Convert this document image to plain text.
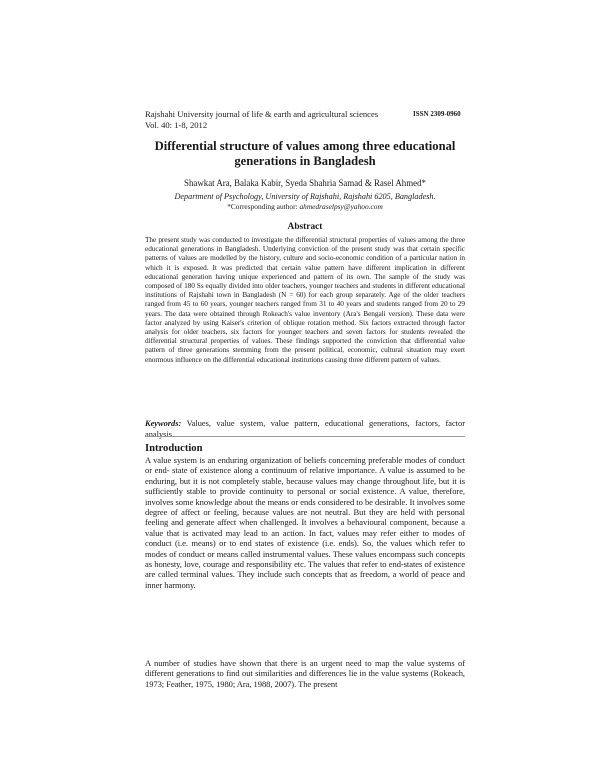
Rajshahi University journal of life & earth and agricultural sciences	ISSN 2309-0960
Vol. 40: 1-8, 2012
Differential structure of values among three educational generations in Bangladesh
Shawkat Ara, Balaka Kabir, Syeda Shahria Samad & Rasel Ahmed*
Department of Psychology, University of Rajshahi, Rajshahi 6205, Bangladesh.
*Corresponding author: ahmedraselpsy@yahoo.com
Abstract
The present study was conducted to investigate the differential structural properties of values among the three educational generations in Bangladesh. Underlying conviction of the present study was that certain specific patterns of values are modelled by the history, culture and socio-economic condition of a particular nation in which it is exposed. It was predicted that certain value pattern have different implication in different educational generation having unique experienced and pattern of its own. The sample of the study was composed of 180 Ss equally divided into older teachers, younger teachers and students in different educational institutions of Rajshahi town in Bangladesh (N = 60) for each group separately. Age of the older teachers ranged from 45 to 60 years, younger teachers ranged from 31 to 40 years and students ranged from 20 to 29 years. The data were obtained through Rokeach's value inventory (Ara's Bengali version). These data were factor analyzed by using Kaiser's criterion of oblique rotation method. Six factors extracted through factor analysis for older teachers, six factors for younger teachers and seven factors for students revealed the differential structural properties of values. These findings supported the conviction that differential value pattern of three generations stemming from the present political, economic, cultural situation may exert enormous influence on the differential educational institutions causing three different pattern of values.
Keywords: Values, value system, value pattern, educational generations, factors, factor analysis.
Introduction
A value system is an enduring organization of beliefs concerning preferable modes of conduct or end- state of existence along a continuum of relative importance. A value is assumed to be enduring, but it is not completely stable, because values may change throughout life, but it is sufficiently stable to provide continuity to personal or social existence. A value, therefore, involves some knowledge about the means or ends considered to be desirable. It involves some degree of affect or feeling, because values are not neutral. But they are held with personal feeling and generate affect when challenged. It involves a behavioural component, because a value that is activated may lead to an action. In fact, values may refer either to modes of conduct (i.e. means) or to end states of existence (i.e. ends). So, the values which refer to modes of conduct or means called instrumental values. These values encompass such concepts as honesty, love, courage and responsibility etc. The values that refer to end-states of existence are called terminal values. They include such concepts that as freedom, a world of peace and inner harmony.
A number of studies have shown that there is an urgent need to map the value systems of different generations to find out similarities and differences lie in the value systems (Rokeach, 1973; Feather, 1975, 1980; Ara, 1988, 2007). The present
